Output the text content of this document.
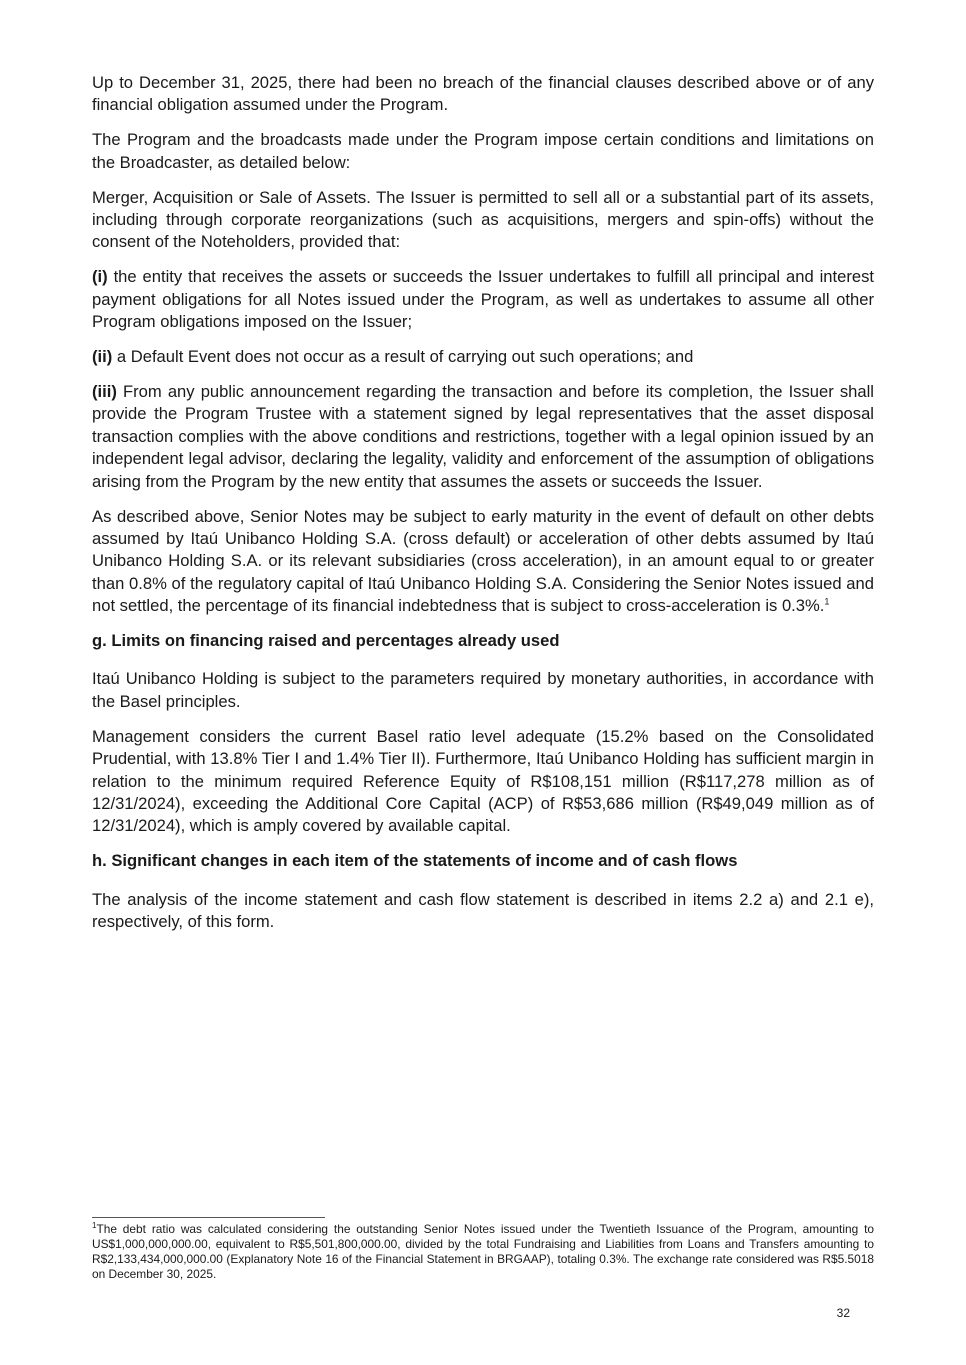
Up to December 31, 2025, there had been no breach of the financial clauses described above or of any financial obligation assumed under the Program.

The Program and the broadcasts made under the Program impose certain conditions and limitations on the Broadcaster, as detailed below:

Merger, Acquisition or Sale of Assets. The Issuer is permitted to sell all or a substantial part of its assets, including through corporate reorganizations (such as acquisitions, mergers and spin-offs) without the consent of the Noteholders, provided that:

(i) the entity that receives the assets or succeeds the Issuer undertakes to fulfill all principal and interest payment obligations for all Notes issued under the Program, as well as undertakes to assume all other Program obligations imposed on the Issuer;

(ii) a Default Event does not occur as a result of carrying out such operations; and

(iii) From any public announcement regarding the transaction and before its completion, the Issuer shall provide the Program Trustee with a statement signed by legal representatives that the asset disposal transaction complies with the above conditions and restrictions, together with a legal opinion issued by an independent legal advisor, declaring the legality, validity and enforcement of the assumption of obligations arising from the Program by the new entity that assumes the assets or succeeds the Issuer.

As described above, Senior Notes may be subject to early maturity in the event of default on other debts assumed by Itaú Unibanco Holding S.A. (cross default) or acceleration of other debts assumed by Itaú Unibanco Holding S.A. or its relevant subsidiaries (cross acceleration), in an amount equal to or greater than 0.8% of the regulatory capital of Itaú Unibanco Holding S.A. Considering the Senior Notes issued and not settled, the percentage of its financial indebtedness that is subject to cross-acceleration is 0.3%.$^1$

g. Limits on financing raised and percentages already used

Itaú Unibanco Holding is subject to the parameters required by monetary authorities, in accordance with the Basel principles.

Management considers the current Basel ratio level adequate (15.2% based on the Consolidated Prudential, with 13.8% Tier I and 1.4% Tier II). Furthermore, Itaú Unibanco Holding has sufficient margin in relation to the minimum required Reference Equity of R$108,151 million (R$117,278 million as of 12/31/2024), exceeding the Additional Core Capital (ACP) of R$53,686 million (R$49,049 million as of 12/31/2024), which is amply covered by available capital.

h. Significant changes in each item of the statements of income and of cash flows

The analysis of the income statement and cash flow statement is described in items 2.2 a) and 2.1 e), respectively, of this form.

$^1$The debt ratio was calculated considering the outstanding Senior Notes issued under the Twentieth Issuance of the Program, amounting to US$1,000,000,000.00, equivalent to R$5,501,800,000.00, divided by the total Fundraising and Liabilities from Loans and Transfers amounting to R$2,133,434,000,000.00 (Explanatory Note 16 of the Financial Statement in BRGAAP), totaling 0.3%. The exchange rate considered was R$5.5018 on December 30, 2025.

32
